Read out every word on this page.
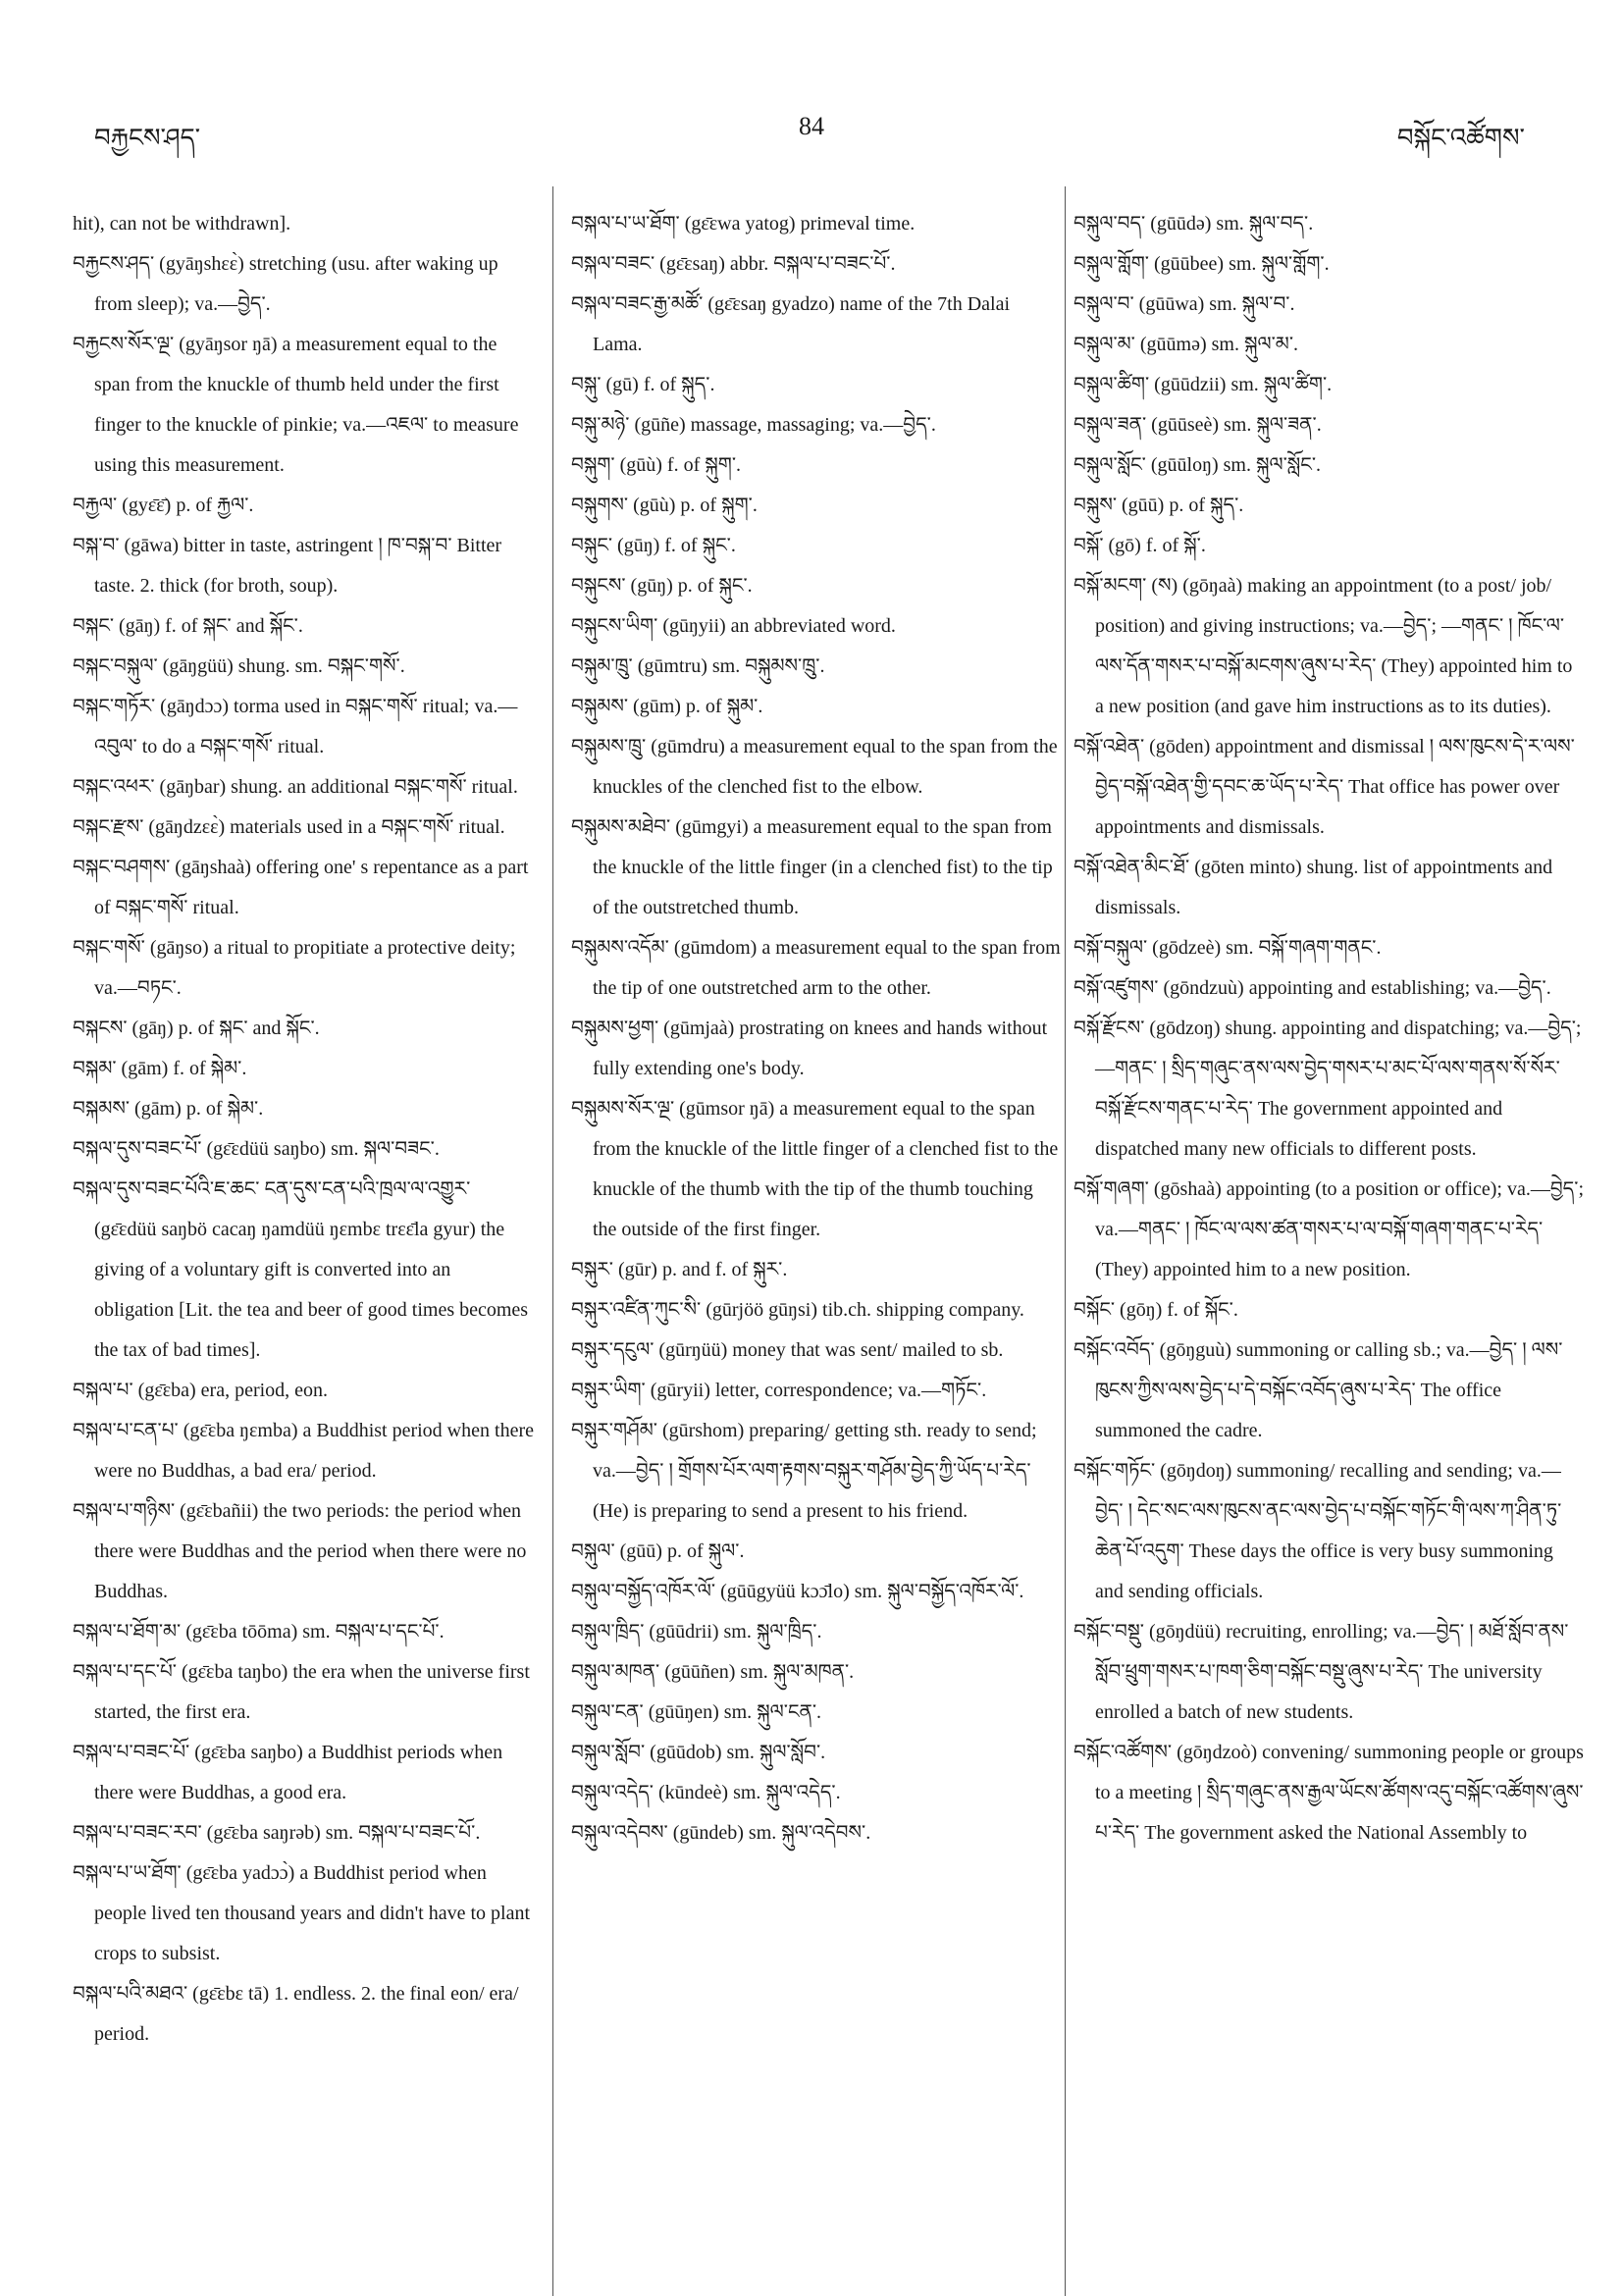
བརྐྱངས་ཤད་	84	བསྐོང་འཚོགས་

hit), can not be withdrawn].

བརྐྱངས་ཤད་ (gyāŋshɛɛ̀) stretching (usu. after waking up from sleep); va.—བྱེད་.

བརྐྱངས་སོར་ལྔ་ (gyāŋsor ŋā) a measurement equal to the span from the knuckle of thumb held under the first finger to the knuckle of pinkie; va.—འཇལ་ to measure using this measurement.

བརྐྱལ་ (gyɛ̄ɛ̄) p. of རྐྱལ་.

བསྐ་བ་ (gāwa) bitter in taste, astringent ། ཁ་བསྐ་བ་ Bitter taste. 2. thick (for broth, soup).

བསྐང་ (gāŋ) f. of སྐང་ and སྐོང་.

བསྐང་བསྐུལ་ (gāŋgüü) shung. sm. བསྐང་གསོ་.

བསྐང་གཏོར་ (gāŋdɔɔ) torma used in བསྐང་གསོ་ ritual; va.—འབུལ་ to do a བསྐང་གསོ་ ritual.

བསྐང་འཕར་ (gāŋbar) shung. an additional བསྐང་གསོ་ ritual.

བསྐང་རྫས་ (gāŋdzɛɛ̀) materials used in a བསྐང་གསོ་ ritual.

བསྐང་བཤགས་ (gāŋshaà) offering one' s repentance as a part of བསྐང་གསོ་ ritual.

བསྐང་གསོ་ (gāŋso) a ritual to propitiate a protective deity; va.—བཏང་.

བསྐངས་ (gāŋ) p. of སྐང་ and སྐོང་.

བསྐམ་ (gām) f. of སྐེམ་.

བསྐམས་ (gām) p. of སྐེམ་.

བསྐལ་དུས་བཟང་པོ་ (gɛ̄ɛdüü saŋbo) sm. སྐལ་བཟང་.

བསྐལ་དུས་བཟང་པོའི་ཇ་ཆང་ ངན་དུས་ངན་པའི་ཁྲལ་ལ་འགྱུར་ (gɛ̄ɛdüü saŋbö cacaŋ ŋamdüü ŋɛmbɛ trɛɛ̄la gyur) the giving of a voluntary gift is converted into an obligation [Lit. the tea and beer of good times becomes the tax of bad times].

བསྐལ་པ་ (gɛ̄ɛba) era, period, eon.

བསྐལ་པ་ངན་པ་ (gɛ̄ɛba ŋɛmba) a Buddhist period when there were no Buddhas, a bad era/ period.

བསྐལ་པ་གཉིས་ (gɛ̄ɛbañii) the two periods: the period when there were Buddhas and the period when there were no Buddhas.

བསྐལ་པ་ཐོག་མ་ (gɛ̄ɛba tōōma) sm. བསྐལ་པ་དང་པོ་.

བསྐལ་པ་དང་པོ་ (gɛ̄ɛba taŋbo) the era when the universe first started, the first era.

བསྐལ་པ་བཟང་པོ་ (gɛ̄ɛba saŋbo) a Buddhist periods when there were Buddhas, a good era.

བསྐལ་པ་བཟང་རབ་ (gɛ̄ɛba saŋrəb) sm. བསྐལ་པ་བཟང་པོ་.

བསྐལ་པ་ཡ་ཐོག་ (gɛ̄ɛba yadɔɔ̀) a Buddhist period when people lived ten thousand years and didn't have to plant crops to subsist.

བསྐལ་པའི་མཐའ་ (gɛ̄ɛbɛ tā) 1. endless. 2. the final eon/ era/ period.

བསྐལ་པ་ཡ་ཐོག་ (gɛ̄ɛwa yatog) primeval time.

བསྐལ་བཟང་ (gɛ̄ɛsaŋ) abbr. བསྐལ་པ་བཟང་པོ་.

བསྐལ་བཟང་རྒྱ་མཚོ་ (gɛ̄ɛsaŋ gyadzo) name of the 7th Dalai Lama.

བསྐུ་ (gū) f. of སྐུད་.

བསྐུ་མཉེ་ (gūñe) massage, massaging; va.—བྱེད་.

བསྐུག་ (gūù) f. of སྐུག་.

བསྐུགས་ (gūù) p. of སྐུག་.

བསྐུང་ (gūŋ) f. of སྐུང་.

བསྐུངས་ (gūŋ) p. of སྐུང་.

བསྐུངས་ཡིག་ (gūŋyii) an abbreviated word.

བསྐུམ་ཁྲུ་ (gūmtru) sm. བསྐུམས་ཁྲུ་.

བསྐུམས་ (gūm) p. of སྐུམ་.

བསྐུམས་ཁྲུ་ (gūmdru) a measurement equal to the span from the knuckles of the clenched fist to the elbow.

བསྐུམས་མཐེབ་ (gūmgyi) a measurement equal to the span from the knuckle of the little finger (in a clenched fist) to the tip of the outstretched thumb.

བསྐུམས་འདོམ་ (gūmdom) a measurement equal to the span from the tip of one outstretched arm to the other.

བསྐུམས་ཕྱག་ (gūmjaà) prostrating on knees and hands without fully extending one's body.

བསྐུམས་སོར་ལྔ་ (gūmsor ŋā) a measurement equal to the span from the knuckle of the little finger of a clenched fist to the knuckle of the thumb with the tip of the thumb touching the outside of the first finger.

བསྐུར་ (gūr) p. and f. of སྐུར་.

བསྐུར་འཛིན་ཀུང་སི་ (gūrjöö gūŋsi) tib.ch. shipping company.

བསྐུར་དངུལ་ (gūrŋüü) money that was sent/ mailed to sb.

བསྐུར་ཡིག་ (gūryii) letter, correspondence; va.—གཏོང་.

བསྐུར་གཤོམ་ (gūrshom) preparing/ getting sth. ready to send; va.—བྱེད་ ། གྲོགས་པོར་ལག་རྟགས་བསྐུར་གཤོམ་བྱེད་ཀྱི་ཡོད་པ་རེད་ (He) is preparing to send a present to his friend.

བསྐུལ་ (gūū) p. of སྐུལ་.

བསྐུལ་བསྐྱོད་འཁོར་ལོ་ (gūūgyüü kɔɔ̄lo) sm. སྐུལ་བསྐྱོད་འཁོར་ལོ་.

བསྐུལ་ཁྲིད་ (gūūdrii) sm. སྐུལ་ཁྲིད་.

བསྐུལ་མཁན་ (gūūñen) sm. སྐུལ་མཁན་.

བསྐུལ་ངན་ (gūūŋen) sm. སྐུལ་ངན་.

བསྐུལ་སློབ་ (gūūdob) sm. སྐུལ་སློབ་.

བསྐུལ་འདེད་ (kūndeè) sm. སྐུལ་འདེད་.

བསྐུལ་འདེབས་ (gūndeb) sm. སྐུལ་འདེབས་.

བསྐུལ་བད་ (gūūdə) sm. སྐུལ་བད་.

བསྐུལ་གློག་ (gūūbee) sm. སྐུལ་གློག་.

བསྐུལ་བ་ (gūūwa) sm. སྐུལ་བ་.

བསྐུལ་མ་ (gūūmə) sm. སྐུལ་མ་.

བསྐུལ་ཚིག་ (gūūdzii) sm. སྐུལ་ཚིག་.

བསྐུལ་ཟན་ (gūūseè) sm. སྐུལ་ཟན་.

བསྐུལ་སློང་ (gūūloŋ) sm. སྐུལ་སློང་.

བསྐུས་ (gūū) p. of སྐུད་.

བསྐོ་ (gō) f. of སྐོ་.

བསྐོ་མངག་ (ས) (gōŋaà) making an appointment (to a post/ job/ position) and giving instructions; va.—བྱེད་; —གནང་ ། ཁོང་ལ་ལས་དོན་གསར་པ་བསྐོ་མངགས་ཞུས་པ་རེད་ (They) appointed him to a new position (and gave him instructions as to its duties).

བསྐོ་འཐེན་ (gōden) appointment and dismissal ། ལས་ཁུངས་དེ་ར་ལས་བྱེད་བསྐོ་འཐེན་གྱི་དབང་ཆ་ཡོད་པ་རེད་ That office has power over appointments and dismissals.

བསྐོ་འཐེན་མིང་ཐོ་ (gōten minto) shung. list of appointments and dismissals.

བསྐོ་བསྐུལ་ (gōdzeè) sm. བསྐོ་གཞག་གནང་.

བསྐོ་འཛུགས་ (gōndzuù) appointing and establishing; va.—བྱེད་.

བསྐོ་རྫོངས་ (gōdzoŋ) shung. appointing and dispatching; va.—བྱེད་; —གནང་ ། སྲིད་གཞུང་ནས་ལས་བྱེད་གསར་པ་མང་པོ་ལས་གནས་སོ་སོར་བསྐོ་རྫོངས་གནང་པ་རེད་ The government appointed and dispatched many new officials to different posts.

བསྐོ་གཞག་ (gōshaà) appointing (to a position or office); va.—བྱེད་; va.—གནང་ ། ཁོང་ལ་ལས་ཚན་གསར་པ་ལ་བསྐོ་གཞག་གནང་པ་རེད་ (They) appointed him to a new position.

བསྐོང་ (gōŋ) f. of སྐོང་.

བསྐོང་འབོད་ (gōŋguù) summoning or calling sb.; va.—བྱེད་ ། ལས་ཁུངས་ཀྱིས་ལས་བྱེད་པ་དེ་བསྐོང་འབོད་ཞུས་པ་རེད་ The office summoned the cadre.

བསྐོང་གཏོང་ (gōŋdoŋ) summoning/ recalling and sending; va.—བྱེད་ ། དེང་སང་ལས་ཁུངས་ནང་ལས་བྱེད་པ་བསྐོང་གཏོང་གི་ལས་ཀ་ཤིན་ཏུ་ཆེན་པོ་འདུག་ These days the office is very busy summoning and sending officials.

བསྐོང་བསྡུ་ (gōŋdüü) recruiting, enrolling; va.—བྱེད་ ། མཐོ་སློབ་ནས་སློབ་ཕྲུག་གསར་པ་ཁག་ཅིག་བསྐོང་བསྡུ་ཞུས་པ་རེད་ The university enrolled a batch of new students.

བསྐོང་འཚོགས་ (gōŋdzoò) convening/ summoning people or groups to a meeting ། སྲིད་གཞུང་ནས་རྒྱལ་ཡོངས་ཚོགས་འདུ་བསྐོང་འཚོགས་ཞུས་པ་རེད་ The government asked the National Assembly to
